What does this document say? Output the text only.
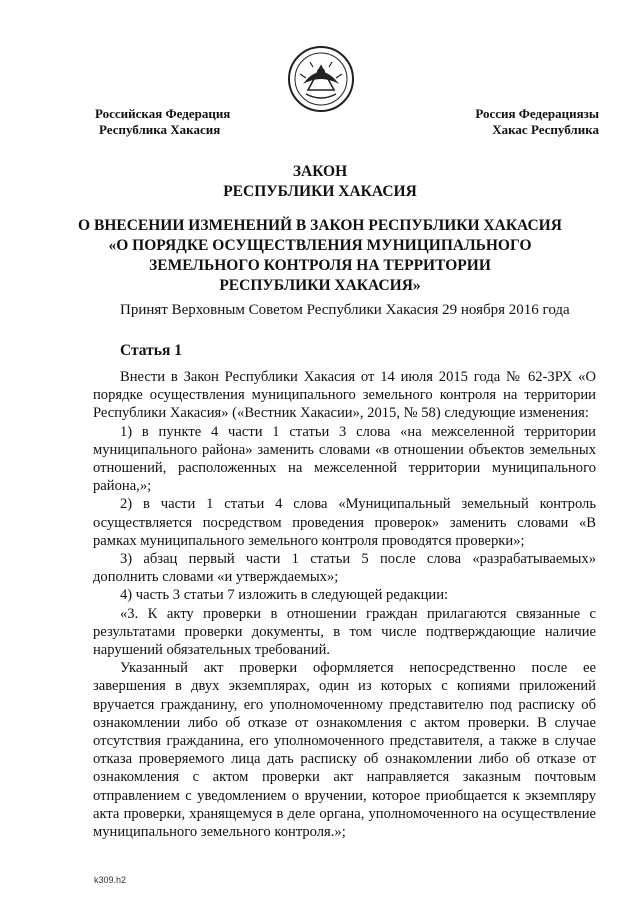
Российская Федерация
Республика Хакасия
Россия Федерациязы
Хакас Республика
ЗАКОН
РЕСПУБЛИКИ ХАКАСИЯ
О ВНЕСЕНИИ ИЗМЕНЕНИЙ В ЗАКОН РЕСПУБЛИКИ ХАКАСИЯ
«О ПОРЯДКЕ ОСУЩЕСТВЛЕНИЯ МУНИЦИПАЛЬНОГО
ЗЕМЕЛЬНОГО КОНТРОЛЯ НА ТЕРРИТОРИИ
РЕСПУБЛИКИ ХАКАСИЯ»
Принят Верховным Советом Республики Хакасия 29 ноября 2016 года
Статья 1

Внести в Закон Республики Хакасия от 14 июля 2015 года № 62-ЗРХ «О порядке осуществления муниципального земельного контроля на территории Республики Хакасия» («Вестник Хакасии», 2015, № 58) следующие изменения:

1) в пункте 4 части 1 статьи 3 слова «на межселенной территории муниципального района» заменить словами «в отношении объектов земельных отношений, расположенных на межселенной территории муниципального района,»;

2) в части 1 статьи 4 слова «Муниципальный земельный контроль осуществляется посредством проведения проверок» заменить словами «В рамках муниципального земельного контроля проводятся проверки»;

3) абзац первый части 1 статьи 5 после слова «разрабатываемых» дополнить словами «и утверждаемых»;

4) часть 3 статьи 7 изложить в следующей редакции:

«3. К акту проверки в отношении граждан прилагаются связанные с результатами проверки документы, в том числе подтверждающие наличие нарушений обязательных требований.

Указанный акт проверки оформляется непосредственно после ее завершения в двух экземплярах, один из которых с копиями приложений вручается гражданину, его уполномоченному представителю под расписку об ознакомлении либо об отказе от ознакомления с актом проверки. В случае отсутствия гражданина, его уполномоченного представителя, а также в случае отказа проверяемого лица дать расписку об ознакомлении либо об отказе от ознакомления с актом проверки акт направляется заказным почтовым отправлением с уведомлением о вручении, которое приобщается к экземпляру акта проверки, хранящемуся в деле органа, уполномоченного на осуществление муниципального земельного контроля.»;

k309.h2
